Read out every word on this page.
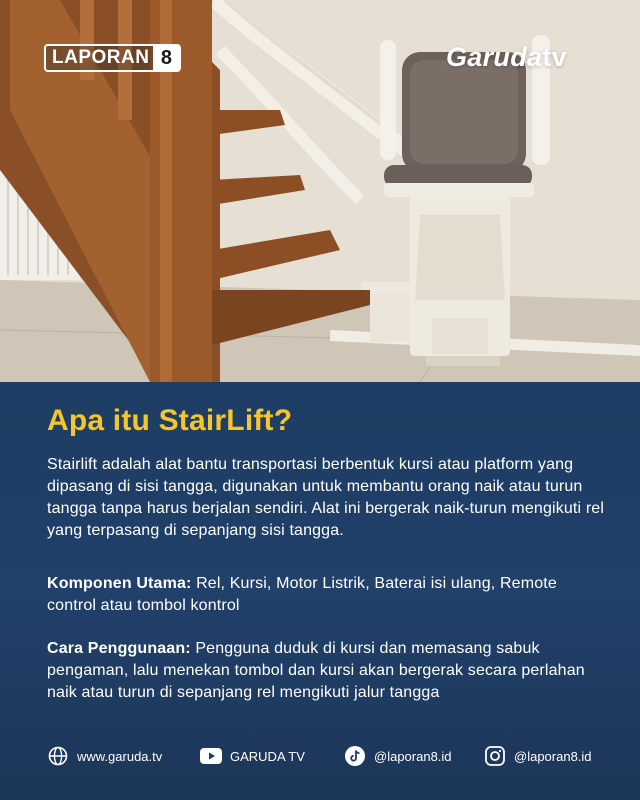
LAPORAN 8	Garudatv
Apa itu StairLift?

Stairlift adalah alat bantu transportasi berbentuk kursi atau platform yang dipasang di sisi tangga, digunakan untuk membantu orang naik atau turun tangga tanpa harus berjalan sendiri. Alat ini bergerak naik-turun mengikuti rel yang terpasang di sepanjang sisi tangga.

Komponen Utama: Rel, Kursi, Motor Listrik, Baterai isi ulang, Remote control atau tombol kontrol

Cara Penggunaan: Pengguna duduk di kursi dan memasang sabuk pengaman, lalu menekan tombol dan kursi akan bergerak secara perlahan naik atau turun di sepanjang rel mengikuti jalur tangga

www.garuda.tv	GARUDA TV	@laporan8.id	@laporan8.id
